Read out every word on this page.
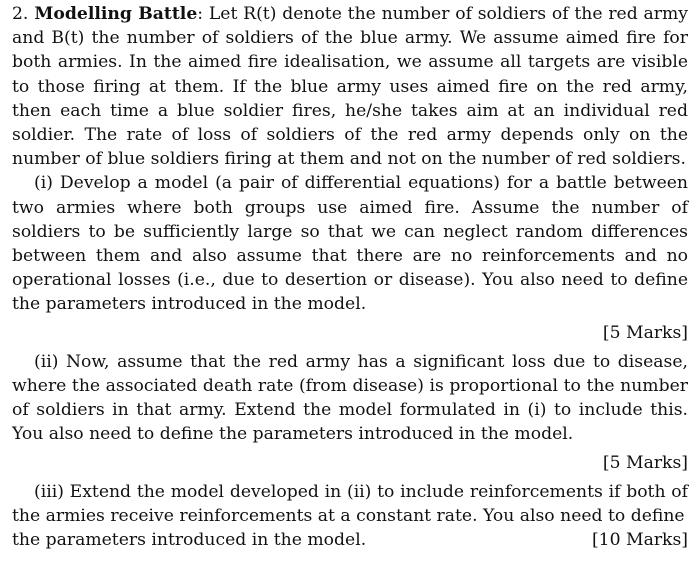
2. Modelling Battle: Let R(t) denote the number of soldiers of the red army and B(t) the number of soldiers of the blue army. We assume aimed fire for both armies. In the aimed fire idealisation, we assume all targets are visible to those firing at them. If the blue army uses aimed fire on the red army, then each time a blue soldier fires, he/she takes aim at an individual red soldier. The rate of loss of soldiers of the red army depends only on the number of blue soldiers firing at them and not on the number of red soldiers.

(i) Develop a model (a pair of differential equations) for a battle between two armies where both groups use aimed fire. Assume the number of soldiers to be sufficiently large so that we can neglect random differences between them and also assume that there are no reinforcements and no operational losses (i.e., due to desertion or disease). You also need to define the parameters introduced in the model.

[5 Marks]

(ii) Now, assume that the red army has a significant loss due to disease, where the associated death rate (from disease) is proportional to the number of soldiers in that army. Extend the model formulated in (i) to include this. You also need to define the parameters introduced in the model.

[5 Marks]

(iii) Extend the model developed in (ii) to include reinforcements if both of the armies receive reinforcements at a constant rate. You also need to define

the parameters introduced in the model.	[10 Marks]
